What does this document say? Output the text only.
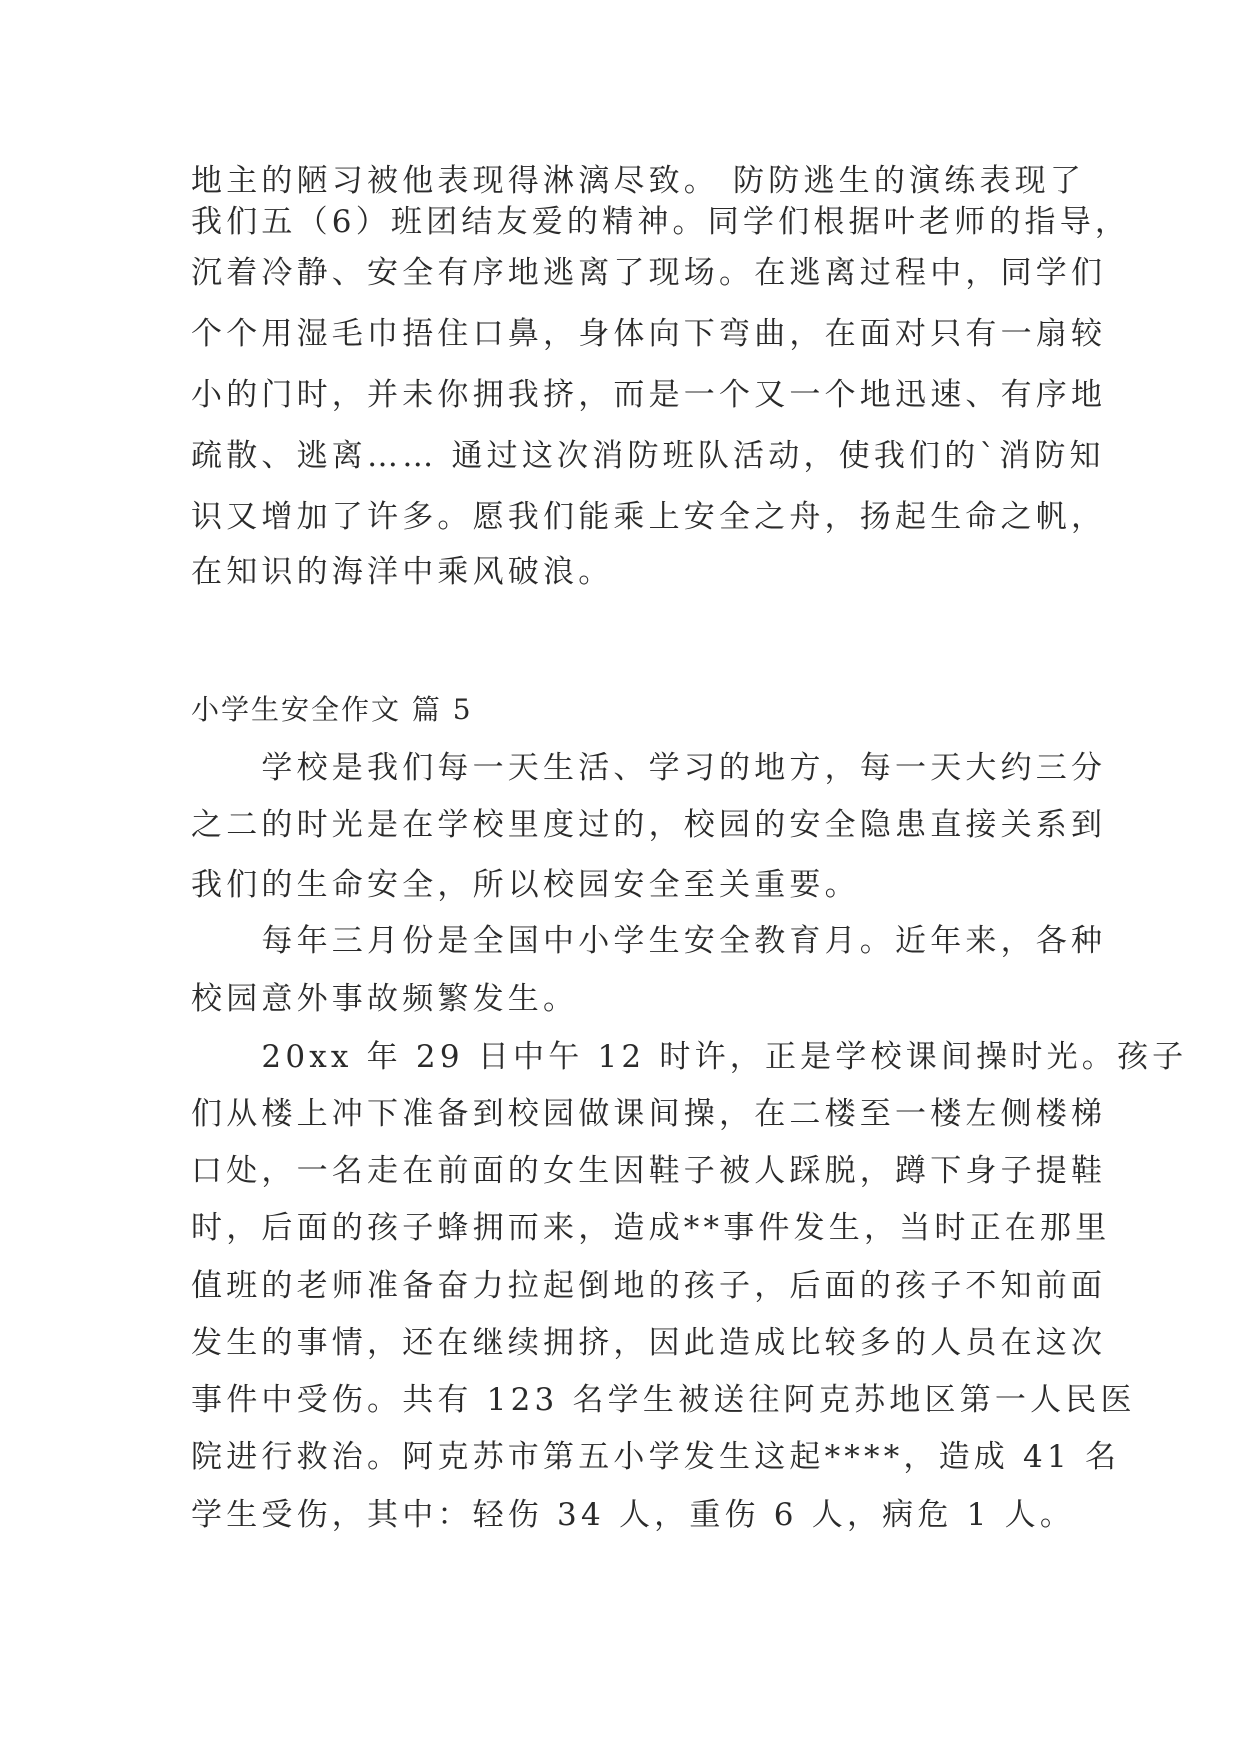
地主的陋习被他表现得淋漓尽致。 防防逃生的演练表现了
我们五（6）班团结友爱的精神。同学们根据叶老师的指导，
沉着冷静、安全有序地逃离了现场。在逃离过程中，同学们
个个用湿毛巾捂住口鼻，身体向下弯曲，在面对只有一扇较
小的门时，并未你拥我挤，而是一个又一个地迅速、有序地
疏散、逃离…… 通过这次消防班队活动，使我们的`消防知
识又增加了许多。愿我们能乘上安全之舟，扬起生命之帆，
在知识的海洋中乘风破浪。
小学生安全作文 篇 5
　　学校是我们每一天生活、学习的地方，每一天大约三分
之二的时光是在学校里度过的，校园的安全隐患直接关系到
我们的生命安全，所以校园安全至关重要。
　　每年三月份是全国中小学生安全教育月。近年来，各种
校园意外事故频繁发生。
　　20xx 年 29 日中午 12 时许，正是学校课间操时光。孩子
们从楼上冲下准备到校园做课间操，在二楼至一楼左侧楼梯
口处，一名走在前面的女生因鞋子被人踩脱，蹲下身子提鞋
时，后面的孩子蜂拥而来，造成**事件发生，当时正在那里
值班的老师准备奋力拉起倒地的孩子，后面的孩子不知前面
发生的事情，还在继续拥挤，因此造成比较多的人员在这次
事件中受伤。共有 123 名学生被送往阿克苏地区第一人民医
院进行救治。阿克苏市第五小学发生这起****，造成 41 名
学生受伤，其中：轻伤 34 人，重伤 6 人，病危 1 人。
